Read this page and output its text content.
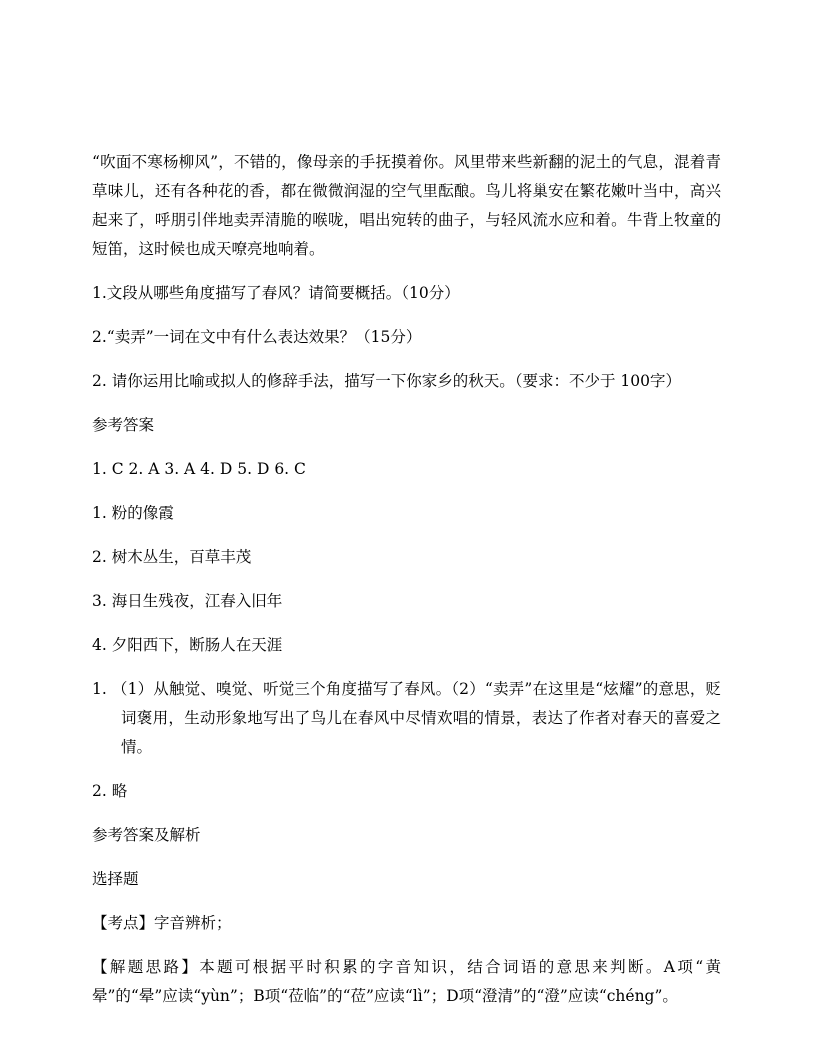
“吹面不寒杨柳风”，不错的，像母亲的手抚摸着你。风里带来些新翻的泥土的气息，混着青草味儿，还有各种花的香，都在微微润湿的空气里酝酿。鸟儿将巢安在繁花嫩叶当中，高兴起来了，呼朋引伴地卖弄清脆的喉咙，唱出宛转的曲子，与轻风流水应和着。牛背上牧童的短笛，这时候也成天嘹亮地响着。

1.文段从哪些角度描写了春风？请简要概括。（10分）

2.“卖弄”一词在文中有什么表达效果？（15分）

2. 请你运用比喻或拟人的修辞手法，描写一下你家乡的秋天。（要求：不少于 100字）

参考答案

1. C 2. A 3. A 4. D 5. D 6. C

1. 粉的像霞

2. 树木丛生，百草丰茂

3. 海日生残夜，江春入旧年

4. 夕阳西下，断肠人在天涯

1. （1）从触觉、嗅觉、听觉三个角度描写了春风。（2）“卖弄”在这里是“炫耀”的意思，贬词褒用，生动形象地写出了鸟儿在春风中尽情欢唱的情景，表达了作者对春天的喜爱之情。

2. 略

参考答案及解析

选择题

【考点】字音辨析；

【解题思路】本题可根据平时积累的字音知识，结合词语的意思来判断。A项“黄晕”的“晕”应读“yùn”；B项“莅临”的“莅”应读“lì”；D项“澄清”的“澄”应读“chéng”。
